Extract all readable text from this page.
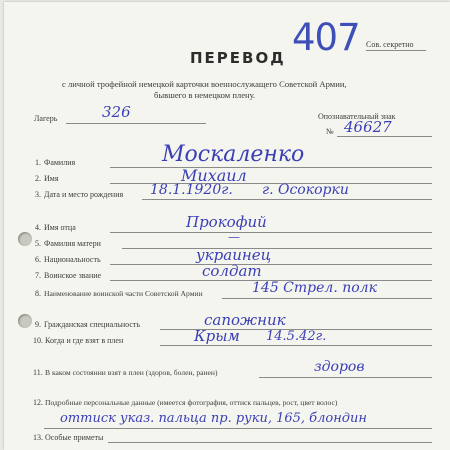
407 Сов. секретно
ПЕРЕВОД
с личной трофейной немецкой карточки военнослужащего Советской Армии,
бывшего в немецком плену.
Лагерь	326	Опознавательный знак
№ 46627
1. Фамилия	Москаленко
2. Имя	Михаил
3. Дата и место рождения 18.1.1920г. г. Осокорки
4. Имя отца	Прокофий
5. Фамилия матери	—
6. Национальность	украинец
7. Воинское звание	солдат
8. Наименование воинской части Советской Армии	145 Стрел. полк
9. Гражданская специальность	сапожник
10. Когда и где взят в плен	Крым 14.5.42г.
11. В каком состоянии взят в плен (здоров, болен, ранен)	здоров
12. Подробные персональные данные (имеется фотография, оттиск пальцев, рост, цвет волос)
оттиск указ. пальца пр. руки, 165, блондин
13. Особые приметы
